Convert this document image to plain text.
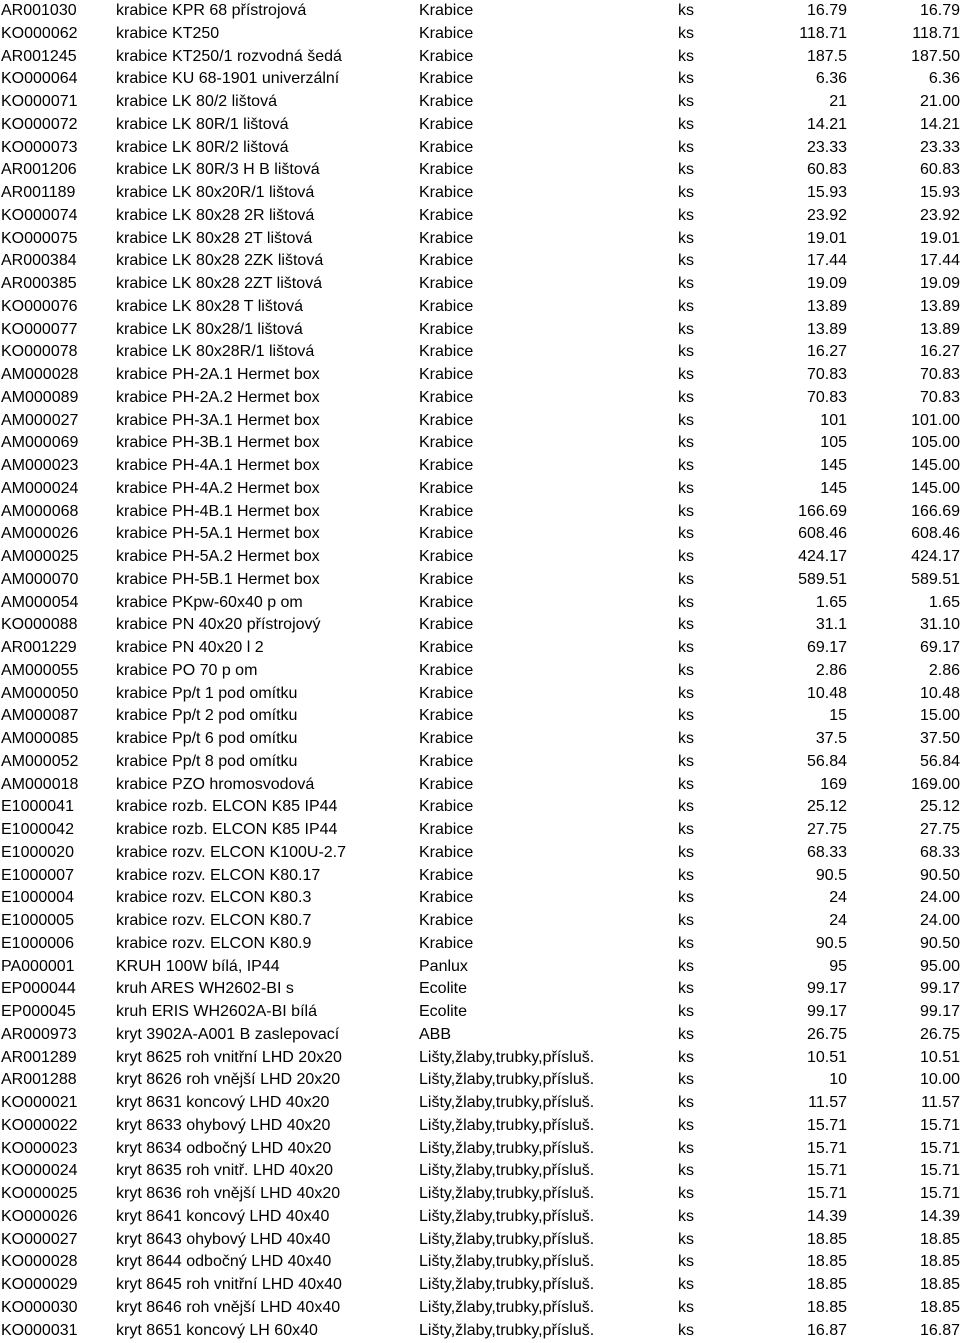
AR001030 krabice KPR 68 přístrojová	Krabice	ks	16.79	16.79
KO000062 krabice KT250	Krabice	ks	118.71	118.71
AR001245 krabice KT250/1 rozvodná šedá	Krabice	ks	187.5	187.50
KO000064 krabice KU 68-1901 univerzální	Krabice	ks	6.36	6.36
KO000071 krabice LK 80/2 lištová	Krabice	ks	21	21.00
KO000072 krabice LK 80R/1 lištová	Krabice	ks	14.21	14.21
KO000073 krabice LK 80R/2 lištová	Krabice	ks	23.33	23.33
AR001206 krabice LK 80R/3 H B lištová	Krabice	ks	60.83	60.83
AR001189	krabice LK 80x20R/1 lištová	Krabice	ks	15.93	15.93
KO000074 krabice LK 80x28 2R lištová	Krabice	ks	23.92	23.92
KO000075 krabice LK 80x28 2T lištová	Krabice	ks	19.01	19.01
AR000384 krabice LK 80x28 2ZK lištová	Krabice	ks	17.44	17.44
AR000385 krabice LK 80x28 2ZT lištová	Krabice	ks	19.09	19.09
KO000076 krabice LK 80x28 T lištová	Krabice	ks	13.89	13.89
KO000077 krabice LK 80x28/1 lištová	Krabice	ks	13.89	13.89
KO000078 krabice LK 80x28R/1 lištová	Krabice	ks	16.27	16.27
AM000028 krabice PH-2A.1 Hermet box	Krabice	ks	70.83	70.83
AM000089 krabice PH-2A.2 Hermet box	Krabice	ks	70.83	70.83
AM000027 krabice PH-3A.1 Hermet box	Krabice	ks	101	101.00
AM000069 krabice PH-3B.1 Hermet box	Krabice	ks	105	105.00
AM000023 krabice PH-4A.1 Hermet box	Krabice	ks	145	145.00
AM000024 krabice PH-4A.2 Hermet box	Krabice	ks	145	145.00
AM000068 krabice PH-4B.1 Hermet box	Krabice	ks	166.69	166.69
AM000026 krabice PH-5A.1 Hermet box	Krabice	ks	608.46	608.46
AM000025 krabice PH-5A.2 Hermet box	Krabice	ks	424.17	424.17
AM000070 krabice PH-5B.1 Hermet box	Krabice	ks	589.51	589.51
AM000054 krabice PKpw-60x40 p om	Krabice	ks	1.65	1.65
KO000088 krabice PN 40x20 přístrojový	Krabice	ks	31.1	31.10
AR001229 krabice PN 40x20 l 2	Krabice	ks	69.17	69.17
AM000055 krabice PO 70 p om	Krabice	ks	2.86	2.86
AM000050 krabice Pp/t 1 pod omítku	Krabice	ks	10.48	10.48
AM000087 krabice Pp/t 2 pod omítku	Krabice	ks	15	15.00
AM000085 krabice Pp/t 6 pod omítku	Krabice	ks	37.5	37.50
AM000052 krabice Pp/t 8 pod omítku	Krabice	ks	56.84	56.84
AM000018 krabice PZO hromosvodová	Krabice	ks	169	169.00
E1000041	krabice rozb. ELCON K85 IP44	Krabice	ks	25.12	25.12
E1000042	krabice rozb. ELCON K85 IP44	Krabice	ks	27.75	27.75
E1000020	krabice rozv. ELCON K100U-2.7	Krabice	ks	68.33	68.33
E1000007	krabice rozv. ELCON K80.17	Krabice	ks	90.5	90.50
E1000004	krabice rozv. ELCON K80.3	Krabice	ks	24	24.00
E1000005	krabice rozv. ELCON K80.7	Krabice	ks	24	24.00
E1000006	krabice rozv. ELCON K80.9	Krabice	ks	90.5	90.50
PA000001	KRUH 100W bílá, IP44	Panlux	ks	95	95.00
EP000044	kruh ARES WH2602-BI s	Ecolite	ks	99.17	99.17
EP000045	kruh ERIS WH2602A-BI bílá	Ecolite	ks	99.17	99.17
AR000973 kryt 3902A-A001 B zaslepovací	ABB	ks	26.75	26.75
AR001289 kryt 8625 roh vnitřní LHD 20x20	Lišty,žlaby,trubky,přísluš.	ks	10.51	10.51
AR001288 kryt 8626 roh vnější LHD 20x20	Lišty,žlaby,trubky,přísluš.	ks	10	10.00
KO000021 kryt 8631 koncový LHD 40x20	Lišty,žlaby,trubky,přísluš.	ks	11.57	11.57
KO000022 kryt 8633 ohybový LHD 40x20	Lišty,žlaby,trubky,přísluš.	ks	15.71	15.71
KO000023 kryt 8634 odbočný LHD 40x20	Lišty,žlaby,trubky,přísluš.	ks	15.71	15.71
KO000024 kryt 8635 roh vnitř. LHD 40x20	Lišty,žlaby,trubky,přísluš.	ks	15.71	15.71
KO000025 kryt 8636 roh vnější LHD 40x20	Lišty,žlaby,trubky,přísluš.	ks	15.71	15.71
KO000026 kryt 8641 koncový LHD 40x40	Lišty,žlaby,trubky,přísluš.	ks	14.39	14.39
KO000027 kryt 8643 ohybový LHD 40x40	Lišty,žlaby,trubky,přísluš.	ks	18.85	18.85
KO000028 kryt 8644 odbočný LHD 40x40	Lišty,žlaby,trubky,přísluš.	ks	18.85	18.85
KO000029 kryt 8645 roh vnitřní LHD 40x40	Lišty,žlaby,trubky,přísluš.	ks	18.85	18.85
KO000030 kryt 8646 roh vnější LHD 40x40	Lišty,žlaby,trubky,přísluš.	ks	18.85	18.85
KO000031 kryt 8651 koncový LH 60x40	Lišty,žlaby,trubky,přísluš.	ks	16.87	16.87
